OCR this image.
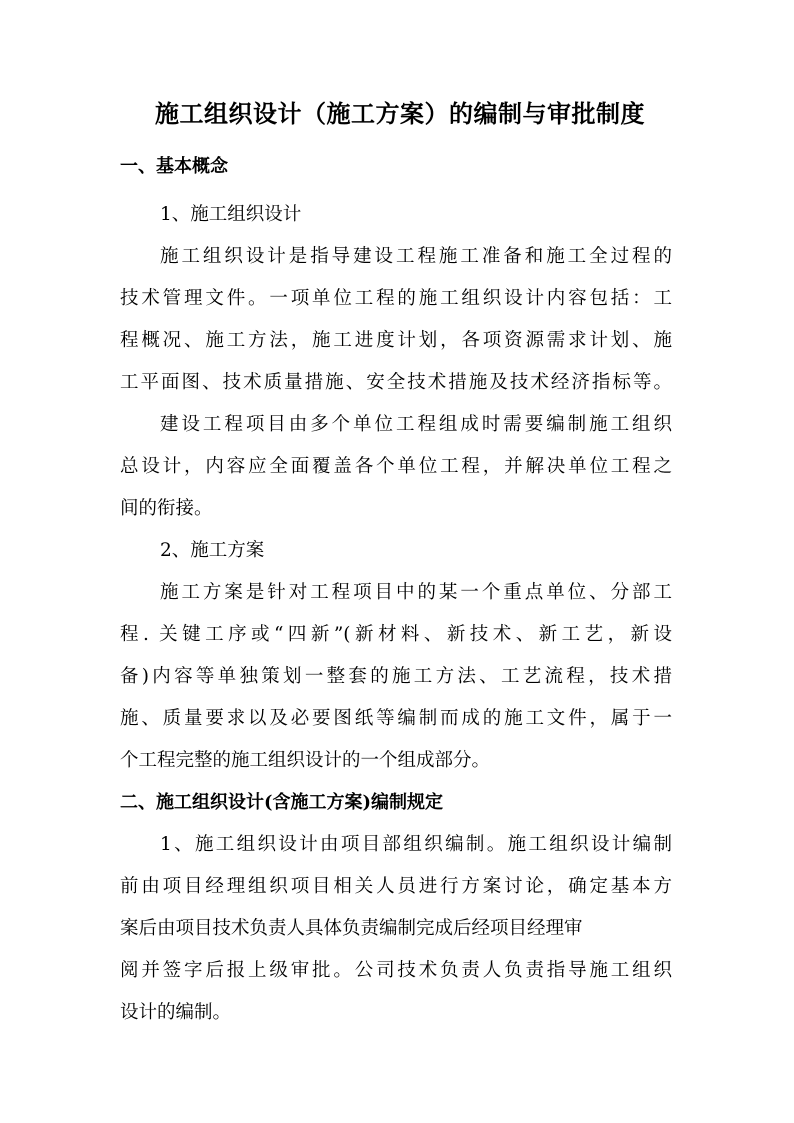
施工组织设计（施工方案）的编制与审批制度
一、基本概念
1、施工组织设计
施工组织设计是指导建设工程施工准备和施工全过程的
技术管理文件。一项单位工程的施工组织设计内容包括：工
程概况、施工方法，施工进度计划，各项资源需求计划、施
工平面图、技术质量措施、安全技术措施及技术经济指标等。
建设工程项目由多个单位工程组成时需要编制施工组织
总设计，内容应全面覆盖各个单位工程，并解决单位工程之
间的衔接。
2、施工方案
施工方案是针对工程项目中的某一个重点单位、分部工
程. 关键工序或“四新”(新材料、新技术、新工艺，新设
备)内容等单独策划一整套的施工方法、工艺流程，技术措
施、质量要求以及必要图纸等编制而成的施工文件，属于一
个工程完整的施工组织设计的一个组成部分。
二、施工组织设计(含施工方案)编制规定
1、施工组织设计由项目部组织编制。施工组织设计编制
前由项目经理组织项目相关人员进行方案讨论，确定基本方
案后由项目技术负责人具体负责编制完成后经项目经理审
阅并签字后报上级审批。公司技术负责人负责指导施工组织
设计的编制。
